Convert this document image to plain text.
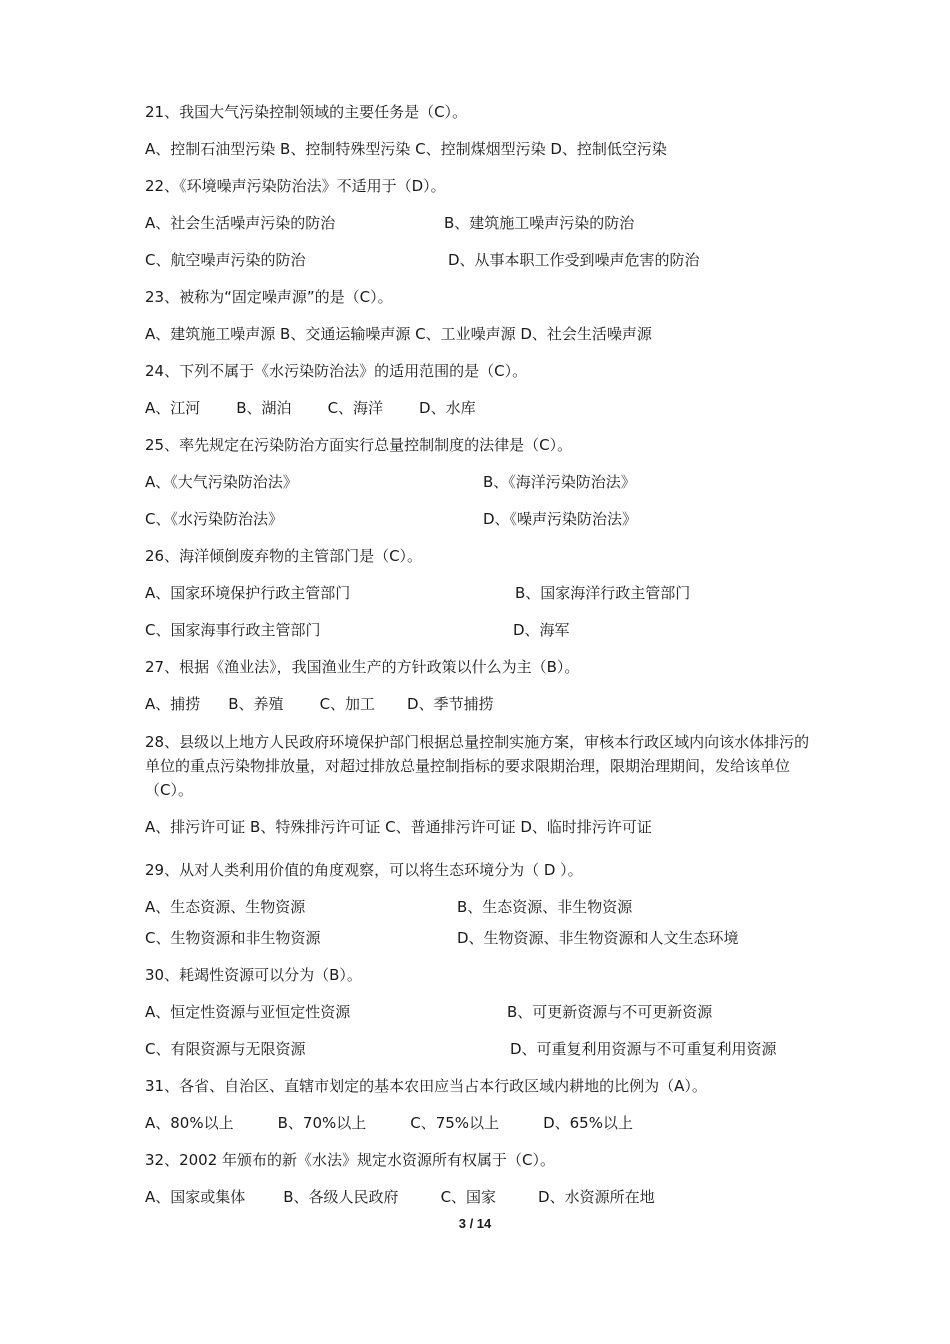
21、我国大气污染控制领域的主要任务是（C）。
A、控制石油型污染 B、控制特殊型污染 C、控制煤烟型污染 D、控制低空污染
22、《环境噪声污染防治法》不适用于（D）。
A、社会生活噪声污染的防治	B、建筑施工噪声污染的防治
C、航空噪声污染的防治	D、从事本职工作受到噪声危害的防治
23、被称为“固定噪声源”的是（C）。
A、建筑施工噪声源 B、交通运输噪声源 C、工业噪声源 D、社会生活噪声源
24、下列不属于《水污染防治法》的适用范围的是（C）。
A、江河 B、湖泊 C、海洋 D、水库
25、率先规定在污染防治方面实行总量控制制度的法律是（C）。
A、《大气污染防治法》	B、《海洋污染防治法》
C、《水污染防治法》	D、《噪声污染防治法》
26、海洋倾倒废弃物的主管部门是（C）。
A、国家环境保护行政主管部门	B、国家海洋行政主管部门
C、国家海事行政主管部门	D、海军
27、根据《渔业法》，我国渔业生产的方针政策以什么为主（B）。
A、捕捞 B、养殖 C、加工 D、季节捕捞
28、县级以上地方人民政府环境保护部门根据总量控制实施方案，审核本行政区域内向该水体排污的单位的重点污染物排放量，对超过排放总量控制指标的要求限期治理，限期治理期间，发给该单位（C）。
A、排污许可证 B、特殊排污许可证 C、普通排污许可证 D、临时排污许可证
29、从对人类利用价值的角度观察，可以将生态环境分为（ D ）。
A、生态资源、生物资源	B、生态资源、非生物资源
C、生物资源和非生物资源	D、生物资源、非生物资源和人文生态环境
30、耗竭性资源可以分为（B）。
A、恒定性资源与亚恒定性资源	B、可更新资源与不可更新资源
C、有限资源与无限资源	D、可重复利用资源与不可重复利用资源
31、各省、自治区、直辖市划定的基本农田应当占本行政区域内耕地的比例为（A）。
A、80%以上	B、70%以上	C、75%以上	D、65%以上
32、2002 年颁布的新《水法》规定水资源所有权属于（C）。
A、国家或集体	B、各级人民政府	C、国家	D、水资源所在地
3 / 14
